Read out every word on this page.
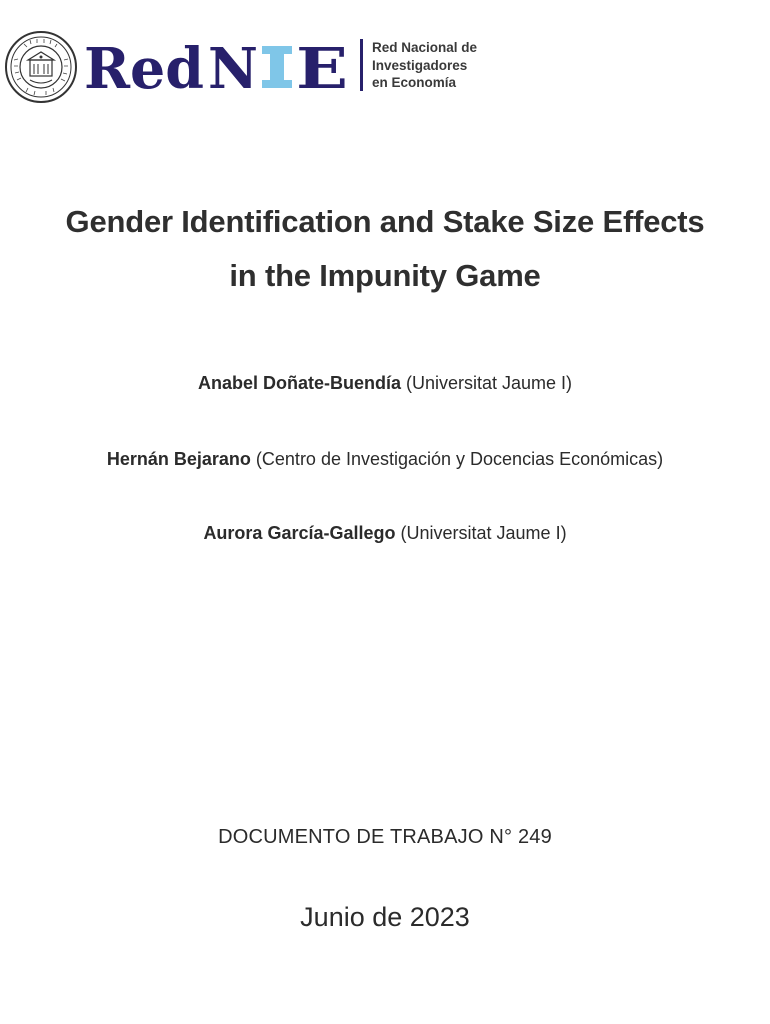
Red N E Red Nacional de
Investigadores
en Economía
Gender Identification and Stake Size Effects
in the Impunity Game
Anabel Doñate-Buendía (Universitat Jaume I)
Hernán Bejarano (Centro de Investigación y Docencias Económicas)
Aurora García-Gallego (Universitat Jaume I)
DOCUMENTO DE TRABAJO N° 249
Junio de 2023
